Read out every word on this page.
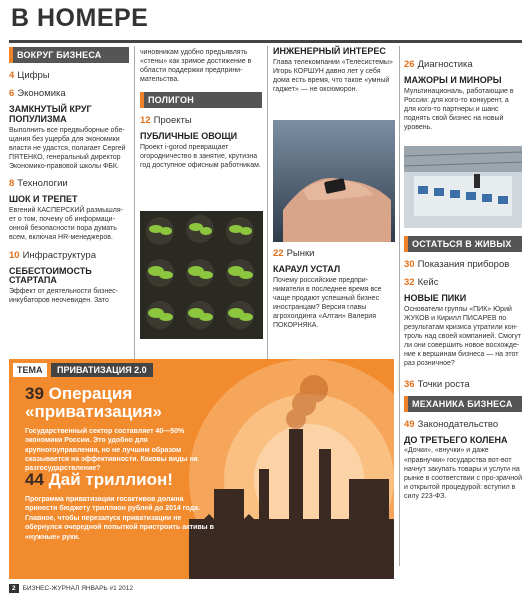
В НОМЕРЕ
ВОКРУГ БИЗНЕСА
4 Цифры
6 Экономика
ЗАМКНУТЫЙ КРУГ ПОПУЛИЗМА
Выполнить все предвыборные обе-щания без ущерба для экономики власти не удастся, полагает Сергей ПЯТЕНКО, генеральный директор Экономико-правовой школы ФБК.
8 Технологии
ШОК И ТРЕПЕТ
Евгений КАСПЕРСКИЙ размышля-ет о том, почему об информаци-онной безопасности пора думать всем, включая HR-менеджеров.
10 Инфраструктура
СЕБЕСТОИМОСТЬ СТАРТАПА
Эффект от деятельности бизнес-инкубаторов неочевиден. Зато
чиновникам удобно предъявлять «стены» как зримое достижение в области поддержки предприни-мательства.
ПОЛИГОН
12 Проекты
ПУБЛИЧНЫЕ ОВОЩИ
Проект i-gorod превращает огородничество в занятие, крутизна год доступное офисным работникам.
ИНЖЕНЕРНЫЙ ИНТЕРЕС
Глава телекомпании «Телесистемы» Игорь КОРШУН давно лет у себя дома есть время, что такое «умный гаджет» — не оксюморон.
22 Рынки
КАРАУЛ УСТАЛ
Почему российские предпри-ниматели в последнее время все чаще продают успешный бизнес иностранцам? Версия главы агрохолдинга «Алтан» Валерия ПОКОРНЯКА.
26 Диагностика
МАЖОРЫ И МИНОРЫ
Мультинациональ, работающие в России: для кого-то конкурент, а для кого-то партнеры и шанс поднять свой бизнес на новый уровень.
ОСТАТЬСЯ В ЖИВЫХ
30 Показания приборов
32 Кейс
НОВЫЕ ПИКИ
Основатели группы «ПИК» Юрий ЖУКОВ и Кирилл ПИСАРЕВ по результатам кризиса утратили кон-троль над своей компанией. Смогут ли они совершить новое восхожде-ние к вершинам бизнеса — на этот раз розничное?
36 Точки роста
МЕХАНИКА БИЗНЕСА
49 Законодательство
ДО ТРЕТЬЕГО КОЛЕНА
«Дочки», «внучки» и даже «правнучки» государства вот-вот начнут закупать товары и услуги на рынке в соответствии с про-зрачной и открытой процедурой: вступил в силу 223-ФЗ.
ТЕМА	ПРИВАТИЗАЦИЯ 2.0
39 Операция
«приватизация»
Государственный сектор составляет 40—50% экономики России. Это удобно для крупногоуправления, но не лучшим образом сказывается на эффективности. Каковы виды на разгосударствление?
44 Дай триллион!
Программа приватизации госактивов должна принести бюджету триллион рублей до 2014 года. Главное, чтобы перезапуск приватизации не обернулся очередной попыткой пристроить активы в «нужные» руки.
2 БИЗНЕС-ЖУРНАЛ ЯНВАРЬ #1 2012
